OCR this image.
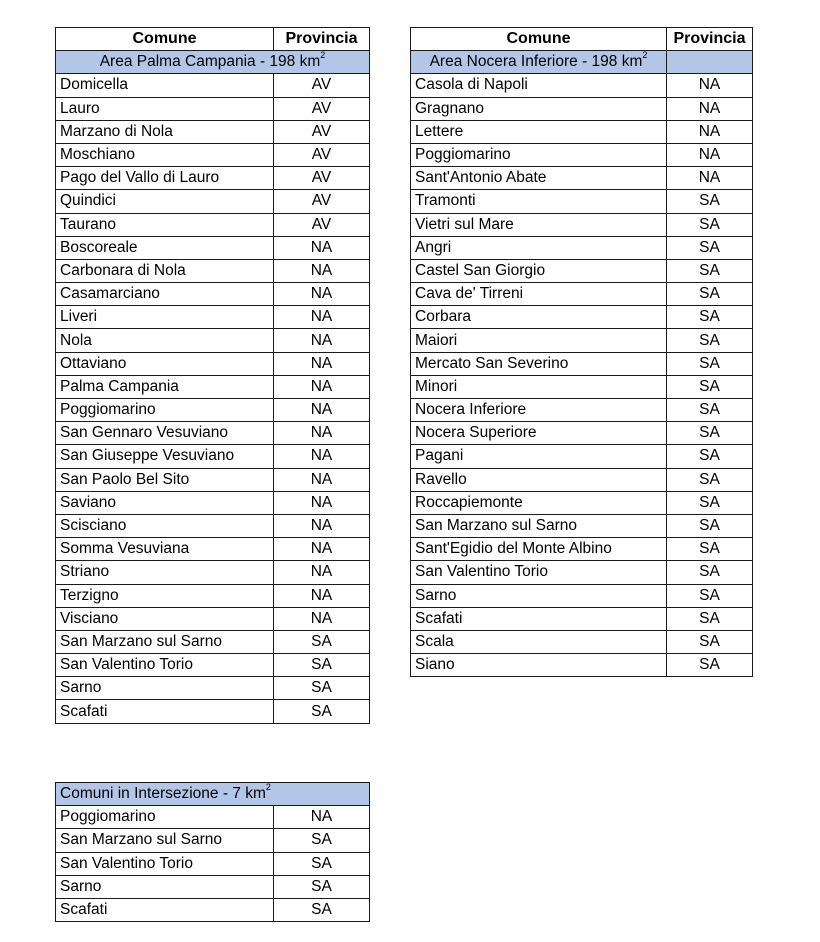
Comune	Provincia
Area Palma Campania - 198 $km^2$
Domicella	AV
Lauro	AV
Marzano di Nola	AV
Moschiano	AV
Pago del Vallo di Lauro	AV
Quindici	AV
Taurano	AV
Boscoreale	NA
Carbonara di Nola	NA
Casamarciano	NA
Liveri	NA
Nola	NA
Ottaviano	NA
Palma Campania	NA
Poggiomarino	NA
San Gennaro Vesuviano	NA
San Giuseppe Vesuviano	NA
San Paolo Bel Sito	NA
Saviano	NA
Scisciano	NA
Somma Vesuviana	NA
Striano	NA
Terzigno	NA
Visciano	NA
San Marzano sul Sarno	SA
San Valentino Torio	SA
Sarno	SA
Scafati	SA
Comune	Provincia
Area Nocera Inferiore - 198 $km^2$	
Casola di Napoli	NA
Gragnano	NA
Lettere	NA
Poggiomarino	NA
Sant'Antonio Abate	NA
Tramonti	SA
Vietri sul Mare	SA
Angri	SA
Castel San Giorgio	SA
Cava de' Tirreni	SA
Corbara	SA
Maiori	SA
Mercato San Severino	SA
Minori	SA
Nocera Inferiore	SA
Nocera Superiore	SA
Pagani	SA
Ravello	SA
Roccapiemonte	SA
San Marzano sul Sarno	SA
Sant'Egidio del Monte Albino	SA
San Valentino Torio	SA
Sarno	SA
Scafati	SA
Scala	SA
Siano	SA
Comuni in Intersezione - 7 $km^2$
Poggiomarino	NA
San Marzano sul Sarno	SA
San Valentino Torio	SA
Sarno	SA
Scafati	SA
